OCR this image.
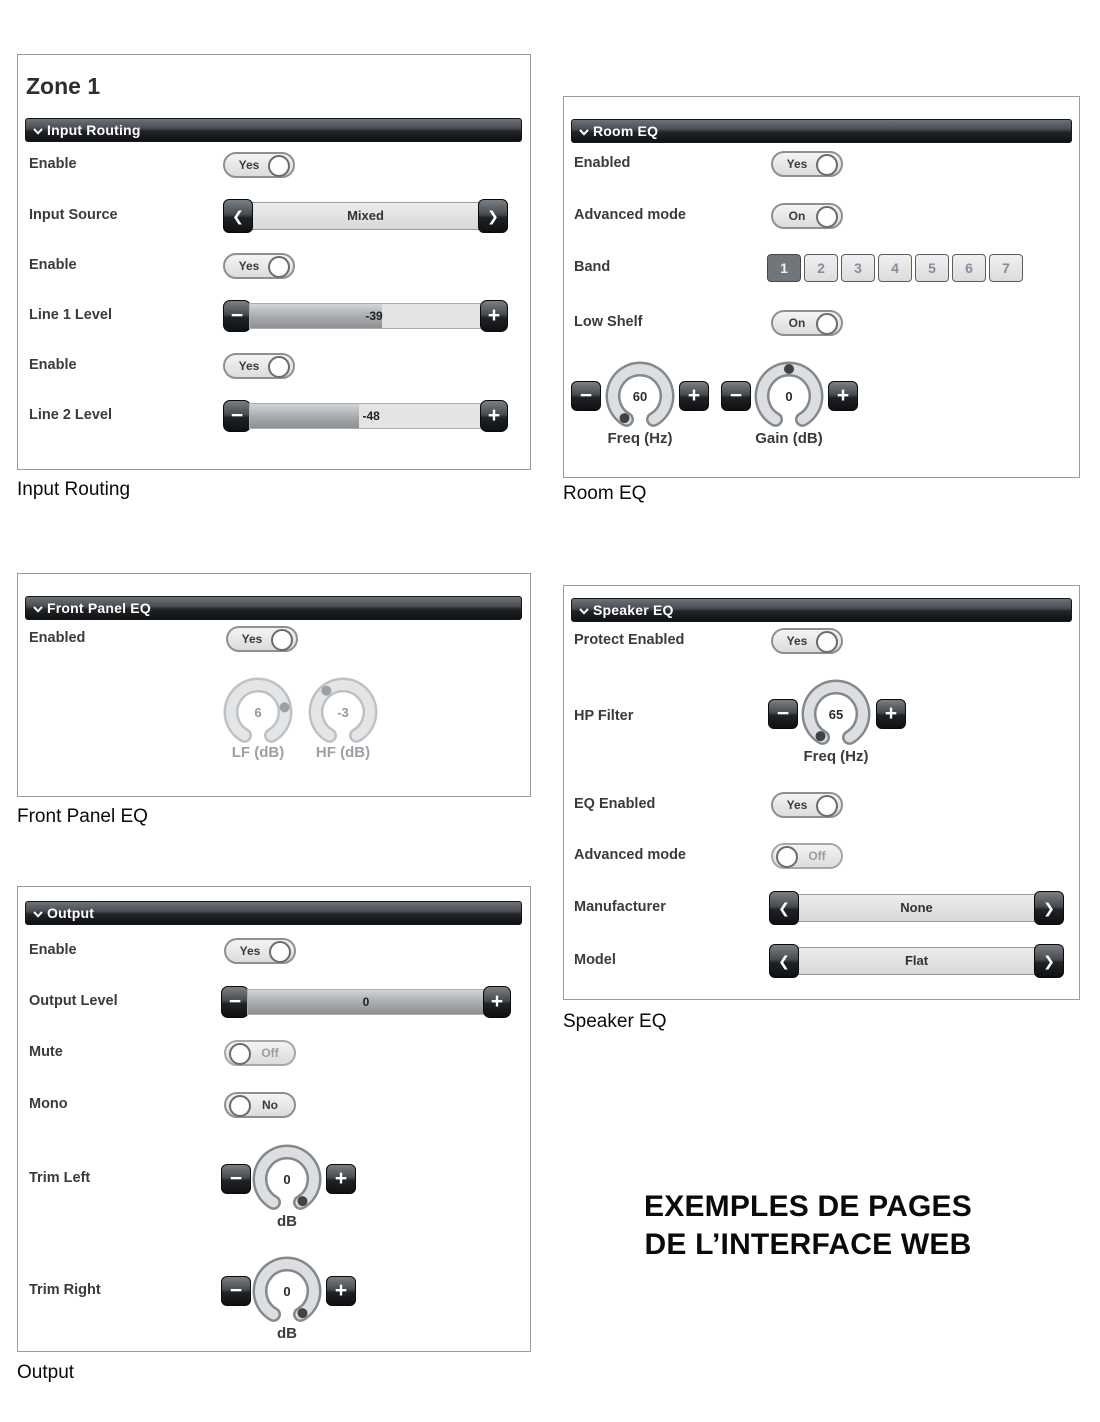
Zone 1
Input Routing
Enable	Yes
Input Source	❮	Mixed	❯
Enable	Yes
Line 1 Level	−	-39	+
Enable	Yes
Line 2 Level	−	-48	+
Input Routing
Room EQ
Enabled	Yes
Advanced mode	On
Band	1	2	3	4	5	6	7
Low Shelf	On
−	60	+
Freq (Hz)
−	0	+
Gain (dB)
Room EQ
Front Panel EQ
Enabled	Yes
6	-3
LF (dB)	HF (dB)
Front Panel EQ
Speaker EQ
Protect Enabled	Yes
HP Filter	−	65	+
Freq (Hz)
EQ Enabled	Yes
Advanced mode	Off
Manufacturer	❮	None	❯
Model	❮	Flat	❯
Speaker EQ
Output
Enable	Yes
Output Level	−	0	+
Mute	Off
Mono	No
Trim Left	−	0	+
dB
Trim Right	−	0	+
dB
Output
EXEMPLES DE PAGES
DE L’INTERFACE WEB
